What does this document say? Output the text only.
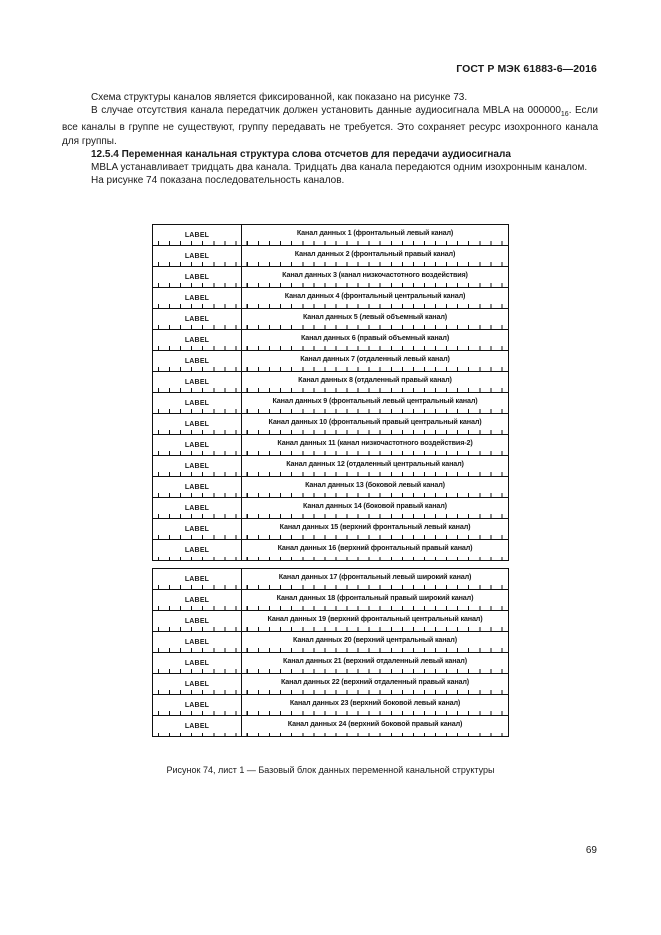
ГОСТ Р МЭК 61883-6—2016

Схема структуры каналов является фиксированной, как показано на рисунке 73.

В случае отсутствия канала передатчик должен установить данные аудиосигнала MBLA на $000000_{16}$. Если все каналы в группе не существуют, группу передавать не требуется. Это сохраняет ресурс изохронного канала для группы.

12.5.4 Переменная канальная структура слова отсчетов для передачи аудиосигнала

MBLA устанавливает тридцать два канала. Тридцать два канала передаются одним изохронным каналом.

На рисунке 74 показана последовательность каналов.

LABEL	Канал данных 1 (фронтальный левый канал)
LABEL	Канал данных 2 (фронтальный правый канал)
LABEL	Канал данных 3 (канал низкочастотного воздействия)
LABEL	Канал данных 4 (фронтальный центральный канал)
LABEL	Канал данных 5 (левый объемный канал)
LABEL	Канал данных 6 (правый объемный канал)
LABEL	Канал данных 7 (отдаленный левый канал)
LABEL	Канал данных 8 (отдаленный правый канал)
LABEL	Канал данных 9 (фронтальный левый центральный канал)
LABEL	Канал данных 10 (фронтальный правый центральный канал)
LABEL	Канал данных 11 (канал низкочастотного воздействия-2)
LABEL	Канал данных 12 (отдаленный центральный канал)
LABEL	Канал данных 13 (боковой левый канал)
LABEL	Канал данных 14 (боковой правый канал)
LABEL	Канал данных 15 (верхний фронтальный левый канал)
LABEL	Канал данных 16 (верхний фронтальный правый канал)
LABEL	Канал данных 17 (фронтальный левый широкий канал)
LABEL	Канал данных 18 (фронтальный правый широкий канал)
LABEL	Канал данных 19 (верхний фронтальный центральный канал)
LABEL	Канал данных 20 (верхний центральный канал)
LABEL	Канал данных 21 (верхний отдаленный левый канал)
LABEL	Канал данных 22 (верхний отдаленный правый канал)
LABEL	Канал данных 23 (верхний боковой левый канал)
LABEL	Канал данных 24 (верхний боковой правый канал)
Рисунок 74, лист 1 — Базовый блок данных переменной канальной структуры
69
